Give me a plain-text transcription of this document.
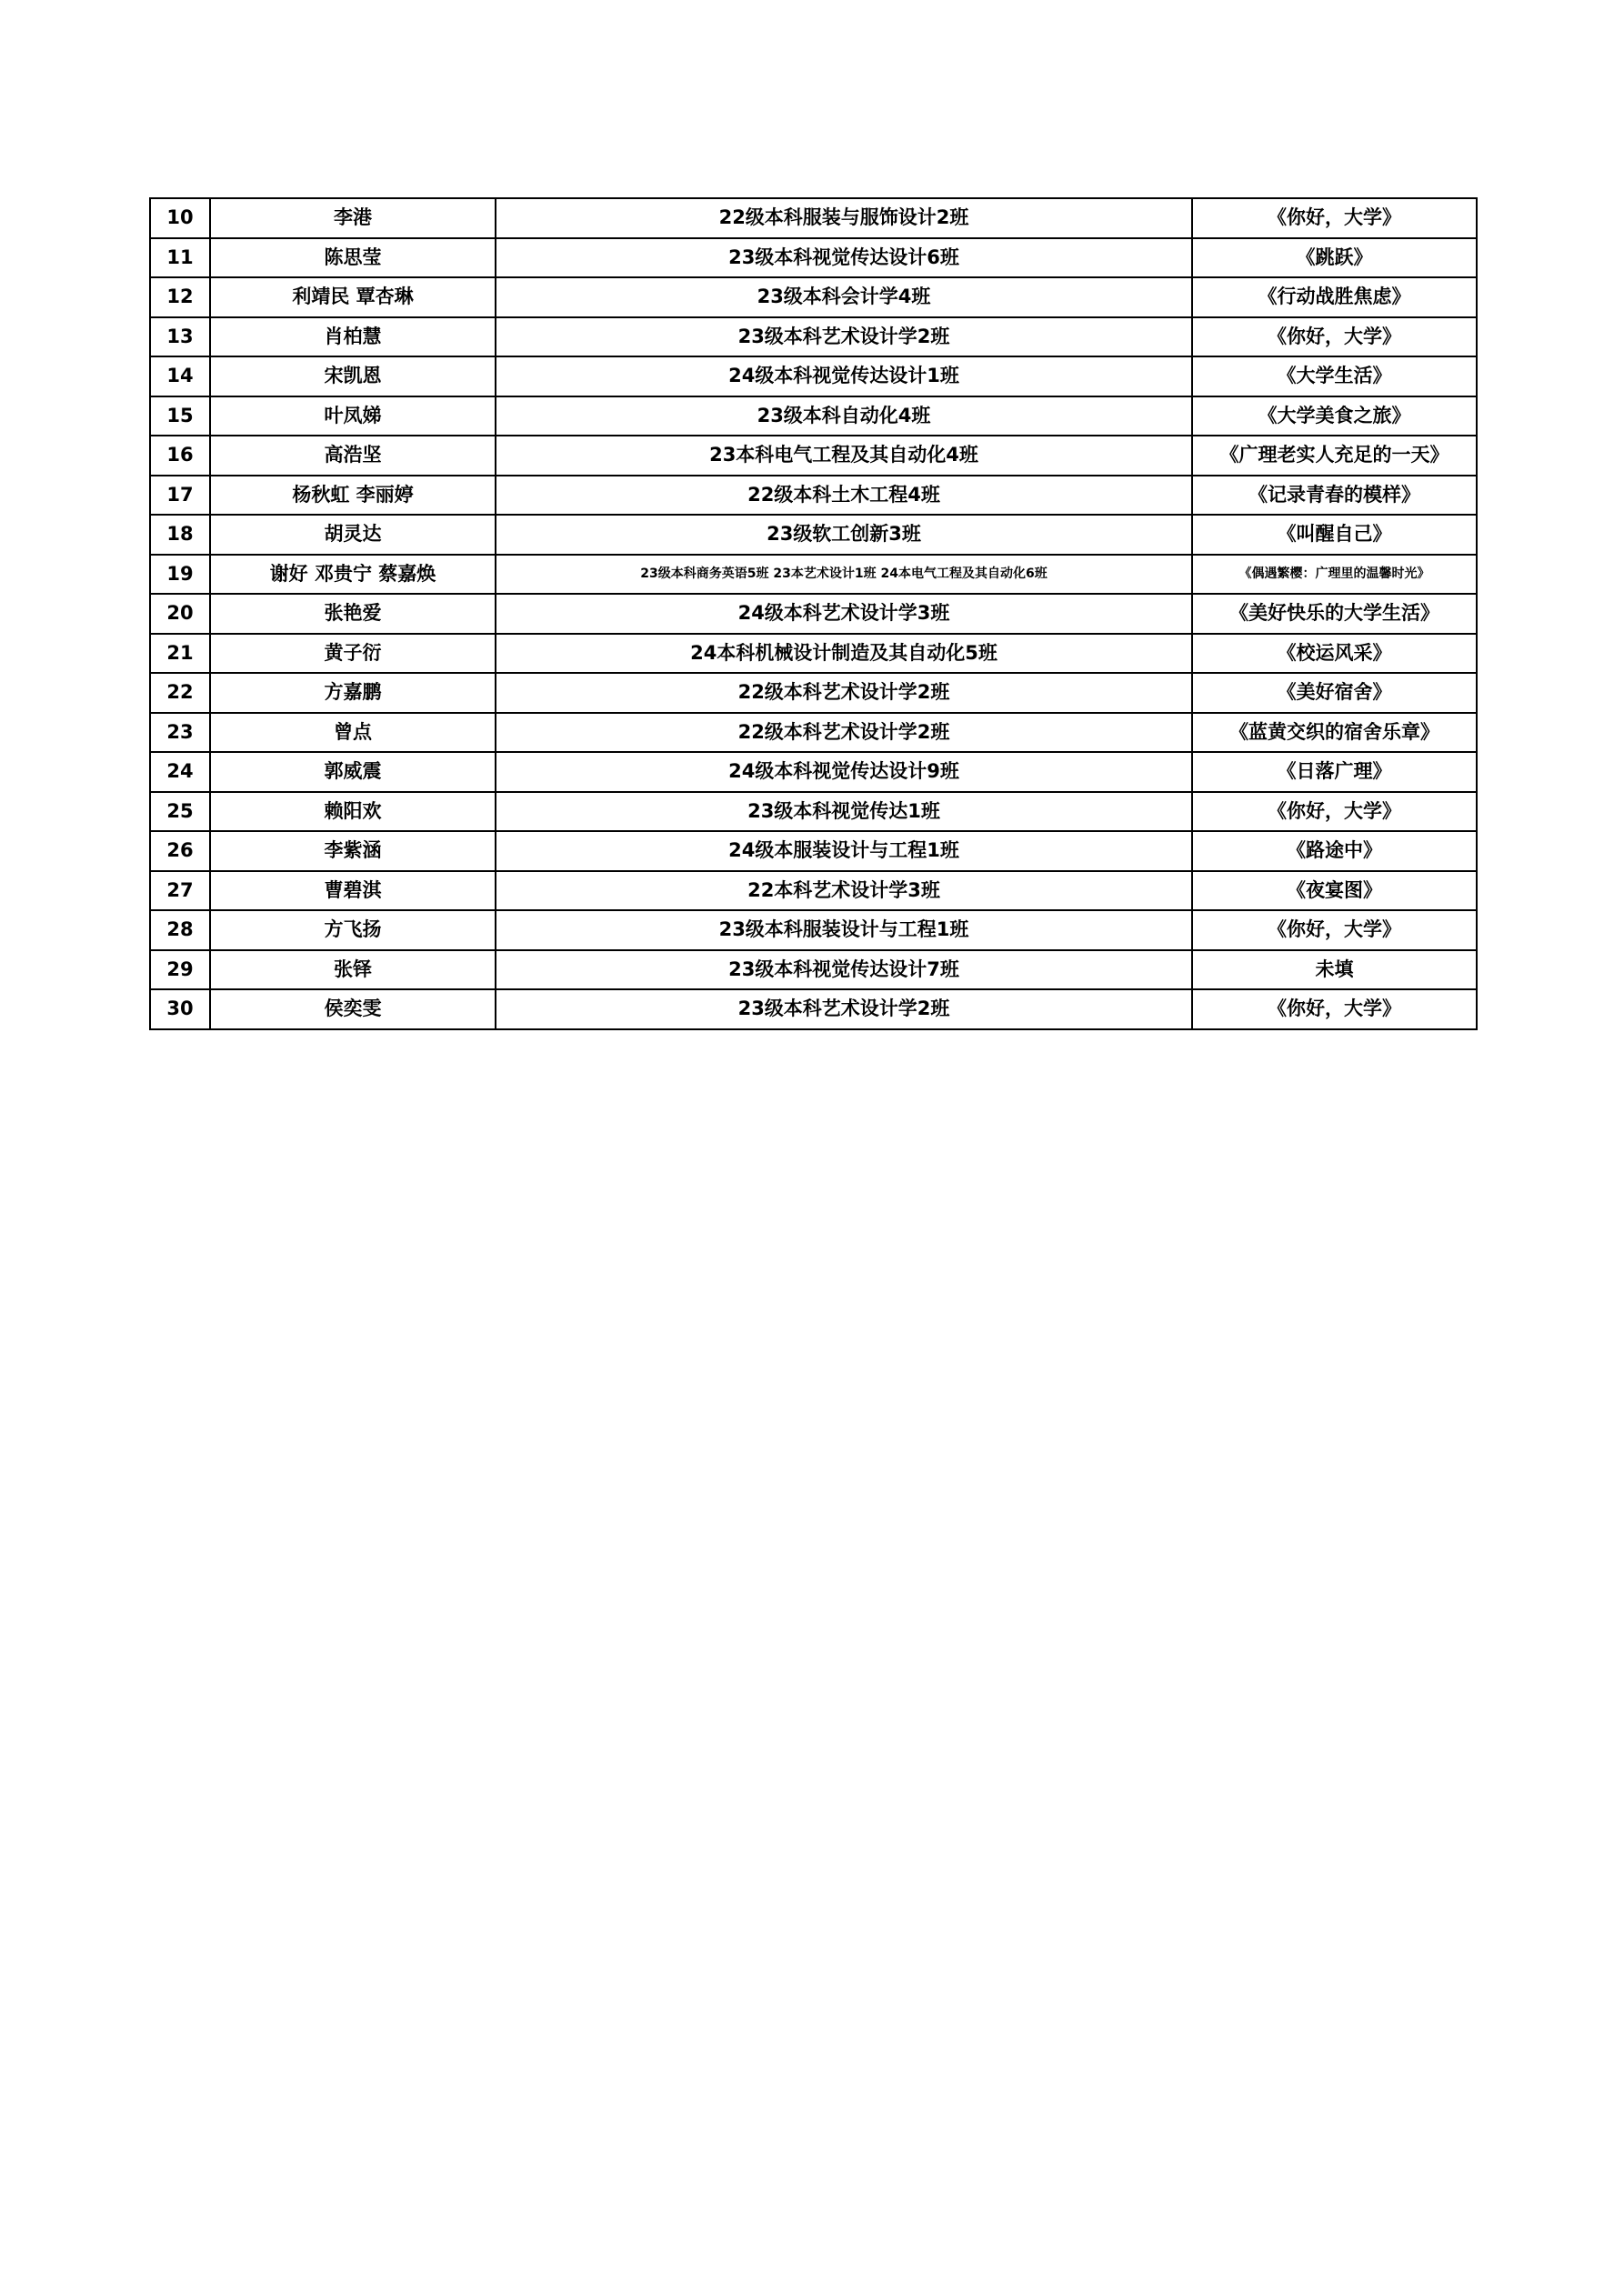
10	李港	22级本科服装与服饰设计2班	《你好，大学》
11	陈思莹	23级本科视觉传达设计6班	《跳跃》
12	利靖民 覃杏琳	23级本科会计学4班	《行动战胜焦虑》
13	肖柏慧	23级本科艺术设计学2班	《你好，大学》
14	宋凯恩	24级本科视觉传达设计1班	《大学生活》
15	叶凤娣	23级本科自动化4班	《大学美食之旅》
16	高浩坚	23本科电气工程及其自动化4班	《广理老实人充足的一天》
17	杨秋虹 李丽婷	22级本科土木工程4班	《记录青春的模样》
18	胡灵达	23级软工创新3班	《叫醒自己》
19	谢好 邓贵宁 蔡嘉焕	23级本科商务英语5班 23本艺术设计1班 24本电气工程及其自动化6班	《偶遇繁樱：广理里的温馨时光》
20	张艳爱	24级本科艺术设计学3班	《美好快乐的大学生活》
21	黄子衍	24本科机械设计制造及其自动化5班	《校运风采》
22	方嘉鹏	22级本科艺术设计学2班	《美好宿舍》
23	曾点	22级本科艺术设计学2班	《蓝黄交织的宿舍乐章》
24	郭威震	24级本科视觉传达设计9班	《日落广理》
25	赖阳欢	23级本科视觉传达1班	《你好，大学》
26	李紫涵	24级本服装设计与工程1班	《路途中》
27	曹碧淇	22本科艺术设计学3班	《夜宴图》
28	方飞扬	23级本科服装设计与工程1班	《你好，大学》
29	张铎	23级本科视觉传达设计7班	未填
30	侯奕雯	23级本科艺术设计学2班	《你好，大学》
